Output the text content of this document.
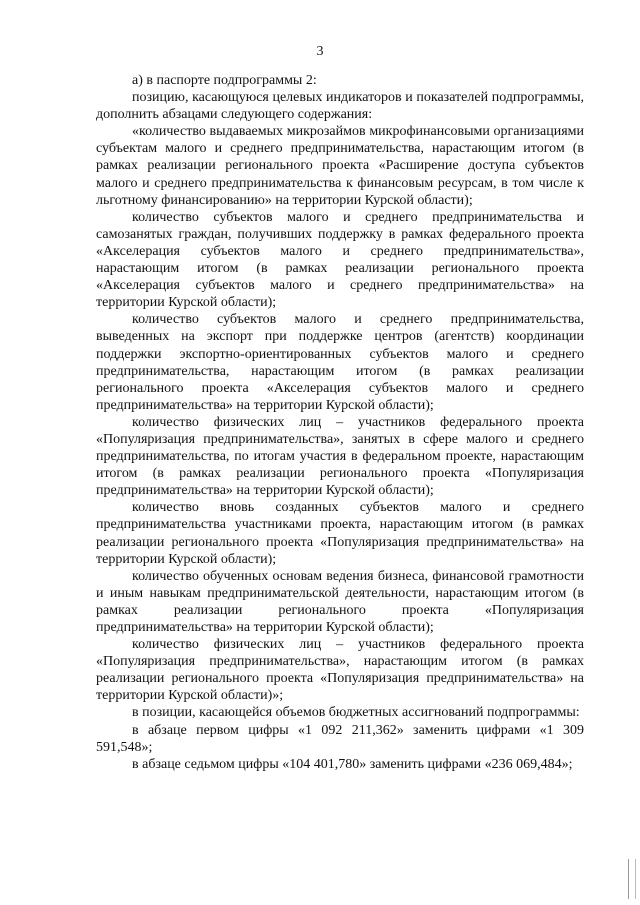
3

а) в паспорте подпрограммы 2:

позицию, касающуюся целевых индикаторов и показателей подпрограммы, дополнить абзацами следующего содержания:

«количество выдаваемых микрозаймов микрофинансовыми организациями субъектам малого и среднего предпринимательства, нарастающим итогом (в рамках реализации регионального проекта «Расширение доступа субъектов малого и среднего предпринимательства к финансовым ресурсам, в том числе к льготному финансированию» на территории Курской области);

количество субъектов малого и среднего предпринимательства и самозанятых граждан, получивших поддержку в рамках федерального проекта «Акселерация субъектов малого и среднего предпринимательства», нарастающим итогом (в рамках реализации регионального проекта «Акселерация субъектов малого и среднего предпринимательства» на территории Курской области);

количество субъектов малого и среднего предпринимательства, выведенных на экспорт при поддержке центров (агентств) координации поддержки экспортно-ориентированных субъектов малого и среднего предпринимательства, нарастающим итогом (в рамках реализации регионального проекта «Акселерация субъектов малого и среднего предпринимательства» на территории Курской области);

количество физических лиц – участников федерального проекта «Популяризация предпринимательства», занятых в сфере малого и среднего предпринимательства, по итогам участия в федеральном проекте, нарастающим итогом (в рамках реализации регионального проекта «Популяризация предпринимательства» на территории Курской области);

количество вновь созданных субъектов малого и среднего предпринимательства участниками проекта, нарастающим итогом (в рамках реализации регионального проекта «Популяризация предпринимательства» на территории Курской области);

количество обученных основам ведения бизнеса, финансовой грамотности и иным навыкам предпринимательской деятельности, нарастающим итогом (в рамках реализации регионального проекта «Популяризация предпринимательства» на территории Курской области);

количество физических лиц – участников федерального проекта «Популяризация предпринимательства», нарастающим итогом (в рамках реализации регионального проекта «Популяризация предпринимательства» на территории Курской области)»;

в позиции, касающейся объемов бюджетных ассигнований подпрограммы:

в абзаце первом цифры «1 092 211,362» заменить цифрами «1 309 591,548»;

в абзаце седьмом цифры «104 401,780» заменить цифрами «236 069,484»;
